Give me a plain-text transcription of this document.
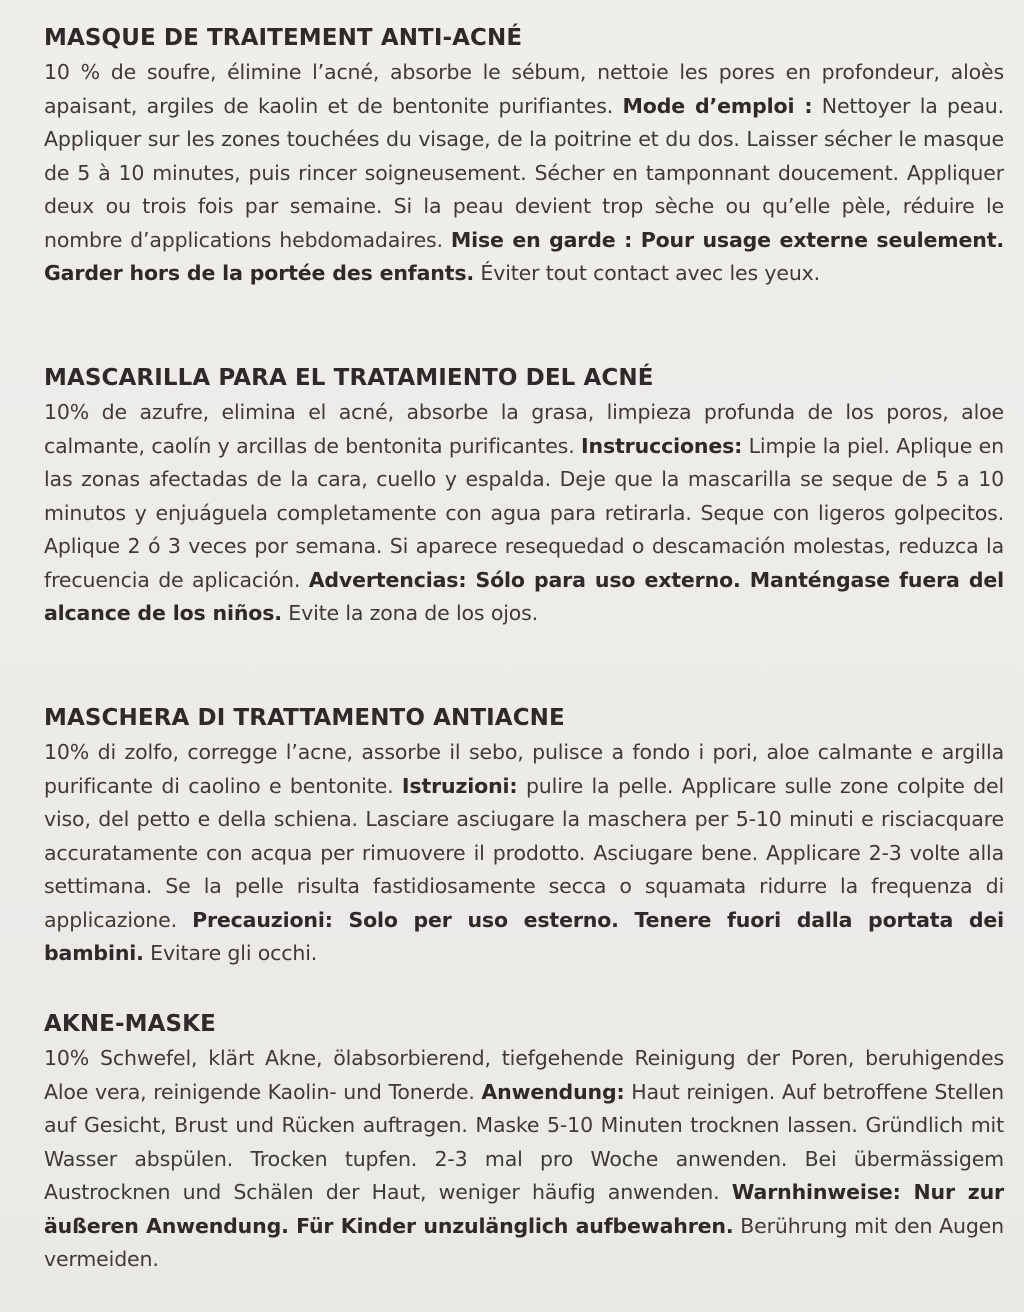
MASQUE DE TRAITEMENT ANTI-ACNÉ

10 % de soufre, élimine l’acné, absorbe le sébum, nettoie les pores en profondeur, aloès apaisant, argiles de kaolin et de bentonite purifiantes. Mode d’emploi : Nettoyer la peau. Appliquer sur les zones touchées du visage, de la poitrine et du dos. Laisser sécher le masque de 5 à 10 minutes, puis rincer soigneusement. Sécher en tamponnant doucement. Appliquer deux ou trois fois par semaine. Si la peau devient trop sèche ou qu’elle pèle, réduire le nombre d’applications hebdomadaires. Mise en garde : Pour usage externe seulement. Garder hors de la portée des enfants. Éviter tout contact avec les yeux.

MASCARILLA PARA EL TRATAMIENTO DEL ACNÉ

10% de azufre, elimina el acné, absorbe la grasa, limpieza profunda de los poros, aloe calmante, caolín y arcillas de bentonita purificantes. Instrucciones: Limpie la piel. Aplique en las zonas afectadas de la cara, cuello y espalda. Deje que la mascarilla se seque de 5 a 10 minutos y enjuáguela completamente con agua para retirarla. Seque con ligeros golpecitos. Aplique 2 ó 3 veces por semana. Si aparece resequedad o descamación molestas, reduzca la frecuencia de aplicación. Advertencias: Sólo para uso externo. Manténgase fuera del alcance de los niños. Evite la zona de los ojos.

MASCHERA DI TRATTAMENTO ANTIACNE

10% di zolfo, corregge l’acne, assorbe il sebo, pulisce a fondo i pori, aloe calmante e argilla purificante di caolino e bentonite. Istruzioni: pulire la pelle. Applicare sulle zone colpite del viso, del petto e della schiena. Lasciare asciugare la maschera per 5-10 minuti e risciacquare accuratamente con acqua per rimuovere il prodotto. Asciugare bene. Applicare 2-3 volte alla settimana. Se la pelle risulta fastidiosamente secca o squamata ridurre la frequenza di applicazione. Precauzioni: Solo per uso esterno. Tenere fuori dalla portata dei bambini. Evitare gli occhi.

AKNE-MASKE

10% Schwefel, klärt Akne, ölabsorbierend, tiefgehende Reinigung der Poren, beruhigendes Aloe vera, reinigende Kaolin- und Tonerde. Anwendung: Haut reinigen. Auf betroffene Stellen auf Gesicht, Brust und Rücken auftragen. Maske 5-10 Minuten trocknen lassen. Gründlich mit Wasser abspülen. Trocken tupfen. 2-3 mal pro Woche anwenden. Bei übermässigem Austrocknen und Schälen der Haut, weniger häufig anwenden. Warnhinweise: Nur zur äußeren Anwendung. Für Kinder unzulänglich aufbewahren. Berührung mit den Augen vermeiden.
